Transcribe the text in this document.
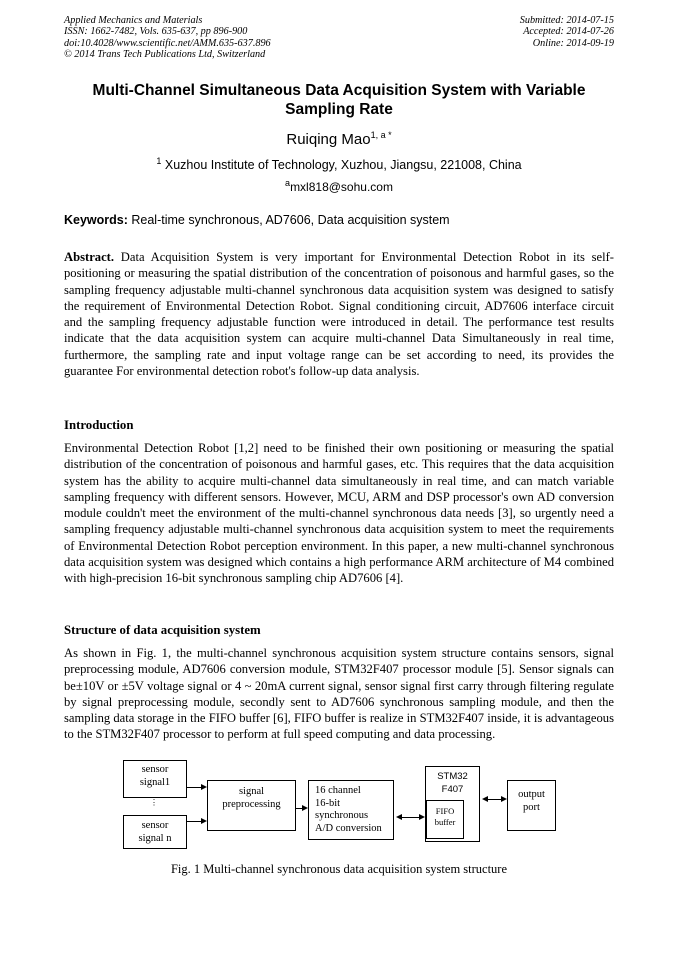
Applied Mechanics and Materials
ISSN: 1662-7482, Vols. 635-637, pp 896-900
doi:10.4028/www.scientific.net/AMM.635-637.896
© 2014 Trans Tech Publications Ltd, Switzerland
Submitted: 2014-07-15
Accepted: 2014-07-26
Online: 2014-09-19
Multi-Channel Simultaneous Data Acquisition System with Variable Sampling Rate
Ruiqing Mao$^{1, a *}$
$^1$ Xuzhou Institute of Technology, Xuzhou, Jiangsu, 221008, China
$^a$mxl818@sohu.com
Keywords: Real-time synchronous, AD7606, Data acquisition system
Abstract. Data Acquisition System is very important for Environmental Detection Robot in its self-positioning or measuring the spatial distribution of the concentration of poisonous and harmful gases, so the sampling frequency adjustable multi-channel synchronous data acquisition system was designed to satisfy the requirement of Environmental Detection Robot. Signal conditioning circuit, AD7606 interface circuit and the sampling frequency adjustable function were introduced in detail. The performance test results indicate that the data acquisition system can acquire multi-channel Data Simultaneously in real time, furthermore, the sampling rate and input voltage range can be set according to need, its provides the guarantee For environmental detection robot's follow-up data analysis.
Introduction
Environmental Detection Robot [1,2] need to be finished their own positioning or measuring the spatial distribution of the concentration of poisonous and harmful gases, etc. This requires that the data acquisition system has the ability to acquire multi-channel data simultaneously in real time, and can match variable sampling frequency with different sensors. However, MCU, ARM and DSP processor's own AD conversion module couldn't meet the environment of the multi-channel synchronous data needs [3], so urgently need a sampling frequency adjustable multi-channel synchronous data acquisition system to meet the requirements of Environmental Detection Robot perception environment. In this paper, a new multi-channel synchronous data acquisition system was designed which contains a high performance ARM architecture of M4 combined with high-precision 16-bit synchronous sampling chip AD7606 [4].
Structure of data acquisition system
As shown in Fig. 1, the multi-channel synchronous acquisition system structure contains sensors, signal preprocessing module, AD7606 conversion module, STM32F407 processor module [5]. Sensor signals can be±10V or ±5V voltage signal or 4 ~ 20mA current signal, sensor signal first carry through filtering regulate by signal preprocessing module, secondly sent to AD7606 synchronous sampling module, and then the sampling data storage in the FIFO buffer [6], FIFO buffer is realize in STM32F407 inside, it is advantageous to the STM32F407 processor to perform at full speed computing and data processing.
sensor
signal1
⋮
sensor
signal n
signal
preprocessing
16 channel
16-bit
synchronous
A/D conversion
STM32
F407
FIFO
buffer
output
port
Fig. 1 Multi-channel synchronous data acquisition system structure
